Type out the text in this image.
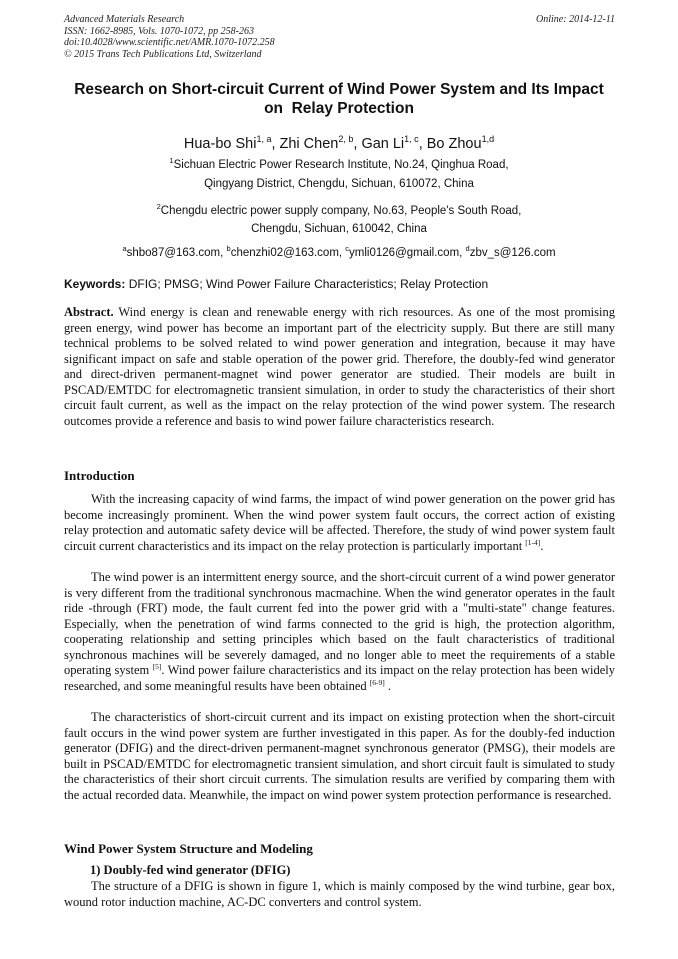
Advanced Materials Research
ISSN: 1662-8985, Vols. 1070-1072, pp 258-263
doi:10.4028/www.scientific.net/AMR.1070-1072.258
© 2015 Trans Tech Publications Ltd, Switzerland
Online: 2014-12-11
Research on Short-circuit Current of Wind Power System and Its Impact
on  Relay Protection
Hua-bo Shi$^{1, a}$, Zhi Chen$^{2, b}$, Gan Li$^{1, c}$, Bo Zhou$^{1,d}$
$^1$Sichuan Electric Power Research Institute, No.24, Qinghua Road,
Qingyang District, Chengdu, Sichuan, 610072, China
$^2$Chengdu electric power supply company, No.63, People's South Road,
Chengdu, Sichuan, 610042, China
$^a$shbo87@163.com, $^b$chenzhi02@163.com, $^c$ymli0126@gmail.com, $^d$zbv_s@126.com
Keywords: DFIG; PMSG; Wind Power Failure Characteristics; Relay Protection
Abstract. Wind energy is clean and renewable energy with rich resources. As one of the most promising green energy, wind power has become an important part of the electricity supply. But there are still many technical problems to be solved related to wind power generation and integration, because it may have significant impact on safe and stable operation of the power grid. Therefore, the doubly-fed wind generator and direct-driven permanent-magnet wind power generator are studied. Their models are built in PSCAD/EMTDC for electromagnetic transient simulation, in order to study the characteristics of their short circuit fault current, as well as the impact on the relay protection of the wind power system. The research outcomes provide a reference and basis to wind power failure characteristics research.
Introduction
With the increasing capacity of wind farms, the impact of wind power generation on the power grid has become increasingly prominent. When the wind power system fault occurs, the correct action of existing relay protection and automatic safety device will be affected. Therefore, the study of wind power system fault circuit current characteristics and its impact on the relay protection is particularly important [1-4].
The wind power is an intermittent energy source, and the short-circuit current of a wind power generator is very different from the traditional synchronous macmachine. When the wind generator operates in the fault ride -through (FRT) mode, the fault current fed into the power grid with a "multi-state" change features. Especially, when the penetration of wind farms connected to the grid is high, the protection algorithm, cooperating relationship and setting principles which based on the fault characteristics of traditional synchronous machines will be severely damaged, and no longer able to meet the requirements of a stable operating system [5]. Wind power failure characteristics and its impact on the relay protection has been widely researched, and some meaningful results have been obtained [6-9] .
The characteristics of short-circuit current and its impact on existing protection when the short-circuit fault occurs in the wind power system are further investigated in this paper. As for the doubly-fed induction generator (DFIG) and the direct-driven permanent-magnet synchronous generator (PMSG), their models are built in PSCAD/EMTDC for electromagnetic transient simulation, and short circuit fault is simulated to study the characteristics of their short circuit currents. The simulation results are verified by comparing them with the actual recorded data. Meanwhile, the impact on wind power system protection performance is researched.
Wind Power System Structure and Modeling
1) Doubly-fed wind generator (DFIG)
The structure of a DFIG is shown in figure 1, which is mainly composed by the wind turbine, gear box, wound rotor induction machine, AC-DC converters and control system.
